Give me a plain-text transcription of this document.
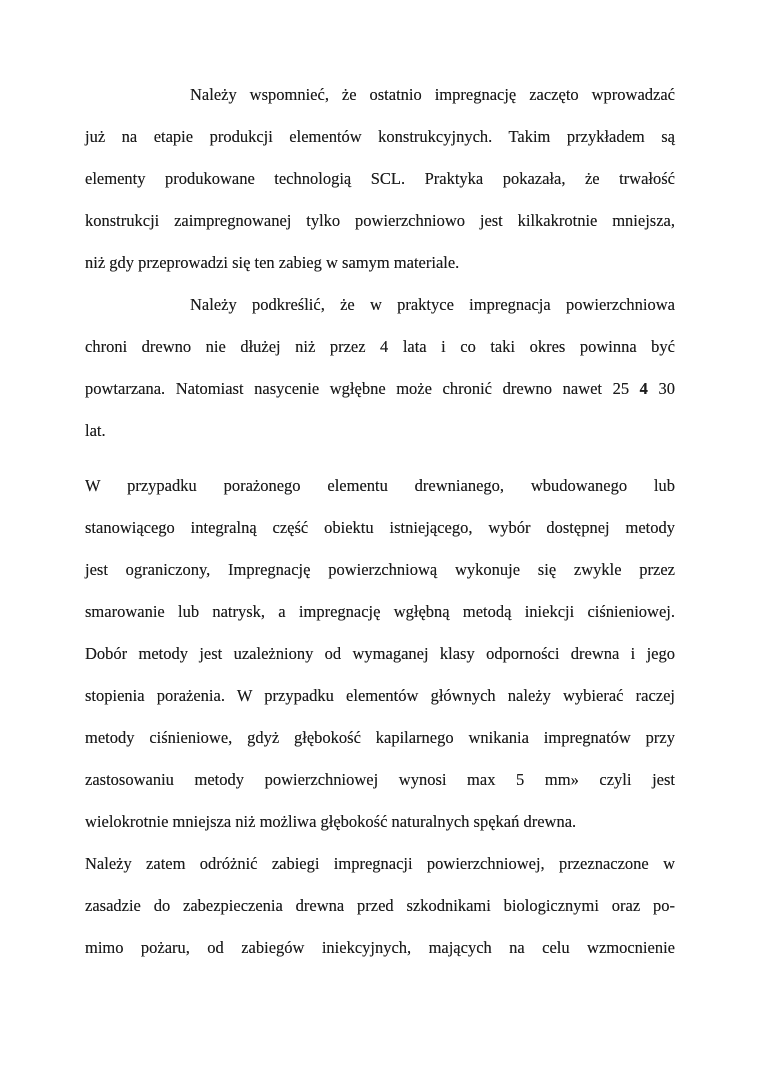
Należy wspomnieć, że ostatnio impregnację zaczęto wprowadzać
już na etapie produkcji elementów konstrukcyjnych. Takim przykładem są
elementy produkowane technologią SCL. Praktyka pokazała, że trwałość
konstrukcji zaimpregnowanej tylko powierzchniowo jest kilkakrotnie mniejsza,
niż gdy przeprowadzi się ten zabieg w samym materiale.
Należy podkreślić, że w praktyce impregnacja powierzchniowa
chroni drewno nie dłużej niż przez 4 lata i co taki okres powinna być
powtarzana. Natomiast nasycenie wgłębne może chronić drewno nawet 25 4 30
lat.
W przypadku porażonego elementu drewnianego, wbudowanego lub
stanowiącego integralną część obiektu istniejącego, wybór dostępnej metody
jest ograniczony, Impregnację powierzchniową wykonuje się zwykle przez
smarowanie lub natrysk, a impregnację wgłębną metodą iniekcji ciśnieniowej.
Dobór metody jest uzależniony od wymaganej klasy odporności drewna i jego
stopienia porażenia. W przypadku elementów głównych należy wybierać raczej
metody ciśnieniowe, gdyż głębokość kapilarnego wnikania impregnatów przy
zastosowaniu metody powierzchniowej wynosi max 5 mm» czyli jest
wielokrotnie mniejsza niż możliwa głębokość naturalnych spękań drewna.
Należy zatem odróżnić zabiegi impregnacji powierzchniowej, przeznaczone w
zasadzie do zabezpieczenia drewna przed szkodnikami biologicznymi oraz po-
mimo pożaru, od zabiegów iniekcyjnych, mających na celu wzmocnienie
